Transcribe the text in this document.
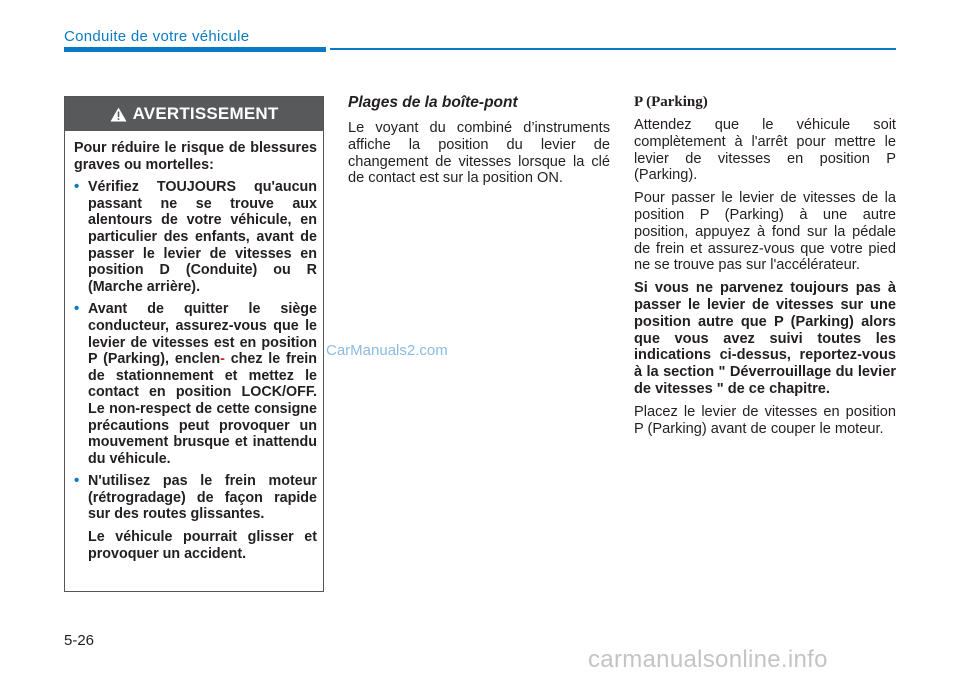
Conduite de votre véhicule
AVERTISSEMENT

Pour réduire le risque de blessures graves ou mortelles:

• Vérifiez TOUJOURS qu'aucun passant ne se trouve aux alentours de votre véhicule, en particulier des enfants, avant de passer le levier de vitesses en position D (Conduite) ou R (Marche arrière).
• Avant de quitter le siège conducteur, assurez-vous que le levier de vitesses est en position P (Parking), enclen- chez le frein de stationnement et mettez le contact en position LOCK/OFF. Le non-respect de cette consigne précautions peut provoquer un mouvement brusque et inattendu du véhicule.
• N'utilisez pas le frein moteur (rétrogradage) de façon rapide sur des routes glissantes.

Le véhicule pourrait glisser et provoquer un accident.

Plages de la boîte-pont

Le voyant du combiné d’instruments affiche la position du levier de changement de vitesses lorsque la clé de contact est sur la position ON.

P (Parking)

Attendez que le véhicule soit complètement à l'arrêt pour mettre le levier de vitesses en position P (Parking).

Pour passer le levier de vitesses de la position P (Parking) à une autre position, appuyez à fond sur la pédale de frein et assurez-vous que votre pied ne se trouve pas sur l'accélérateur.

Si vous ne parvenez toujours pas à passer le levier de vitesses sur une position autre que P (Parking) alors que vous avez suivi toutes les indications ci-dessus, reportez-vous à la section " Déverrouillage du levier de vitesses " de ce chapitre.

Placez le levier de vitesses en position P (Parking) avant de couper le moteur.

CarManuals2.com
5-26
carmanualsonline.info
